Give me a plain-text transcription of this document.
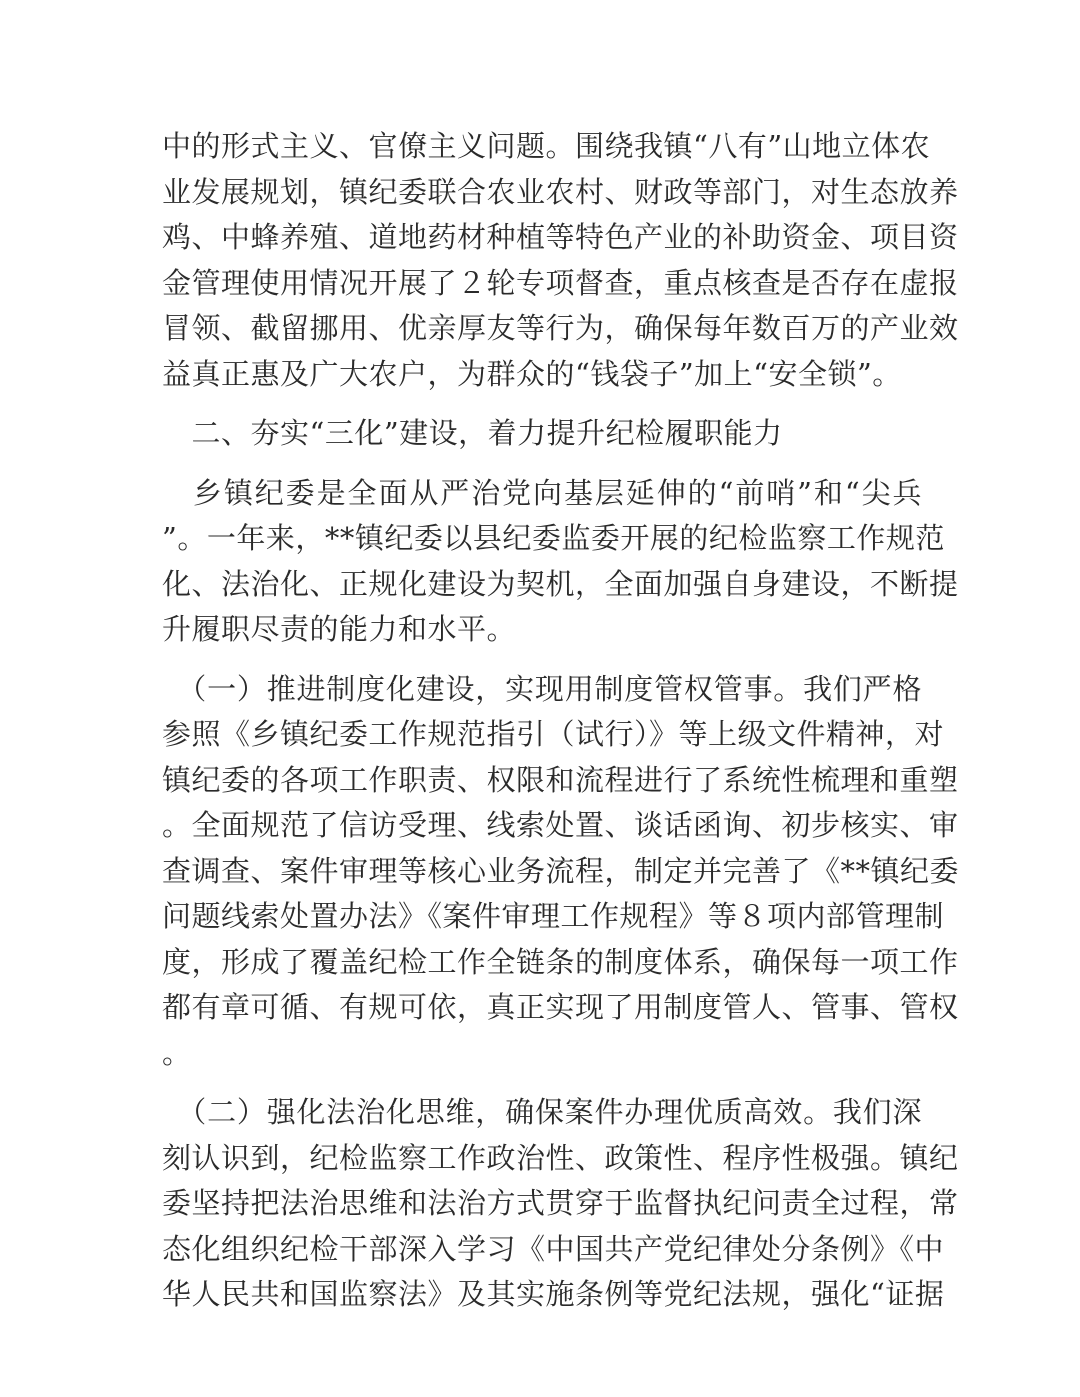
中的形式主义、官僚主义问题。围绕我镇“八有”山地立体农
业发展规划，镇纪委联合农业农村、财政等部门，对生态放养
鸡、中蜂养殖、道地药材种植等特色产业的补助资金、项目资
金管理使用情况开展了２轮专项督查，重点核查是否存在虚报
冒领、截留挪用、优亲厚友等行为，确保每年数百万的产业效
益真正惠及广大农户，为群众的“钱袋子”加上“安全锁”。
　二、夯实“三化”建设，着力提升纪检履职能力
　乡镇纪委是全面从严治党向基层延伸的“前哨”和“尖兵
”。一年来，**镇纪委以县纪委监委开展的纪检监察工作规范
化、法治化、正规化建设为契机，全面加强自身建设，不断提
升履职尽责的能力和水平。
　（一）推进制度化建设，实现用制度管权管事。我们严格
参照《乡镇纪委工作规范指引（试行）》等上级文件精神，对
镇纪委的各项工作职责、权限和流程进行了系统性梳理和重塑
。全面规范了信访受理、线索处置、谈话函询、初步核实、审
查调查、案件审理等核心业务流程，制定并完善了《**镇纪委
问题线索处置办法》《案件审理工作规程》等８项内部管理制
度，形成了覆盖纪检工作全链条的制度体系，确保每一项工作
都有章可循、有规可依，真正实现了用制度管人、管事、管权
。
　（二）强化法治化思维，确保案件办理优质高效。我们深
刻认识到，纪检监察工作政治性、政策性、程序性极强。镇纪
委坚持把法治思维和法治方式贯穿于监督执纪问责全过程，常
态化组织纪检干部深入学习《中国共产党纪律处分条例》《中
华人民共和国监察法》及其实施条例等党纪法规，强化“证据
